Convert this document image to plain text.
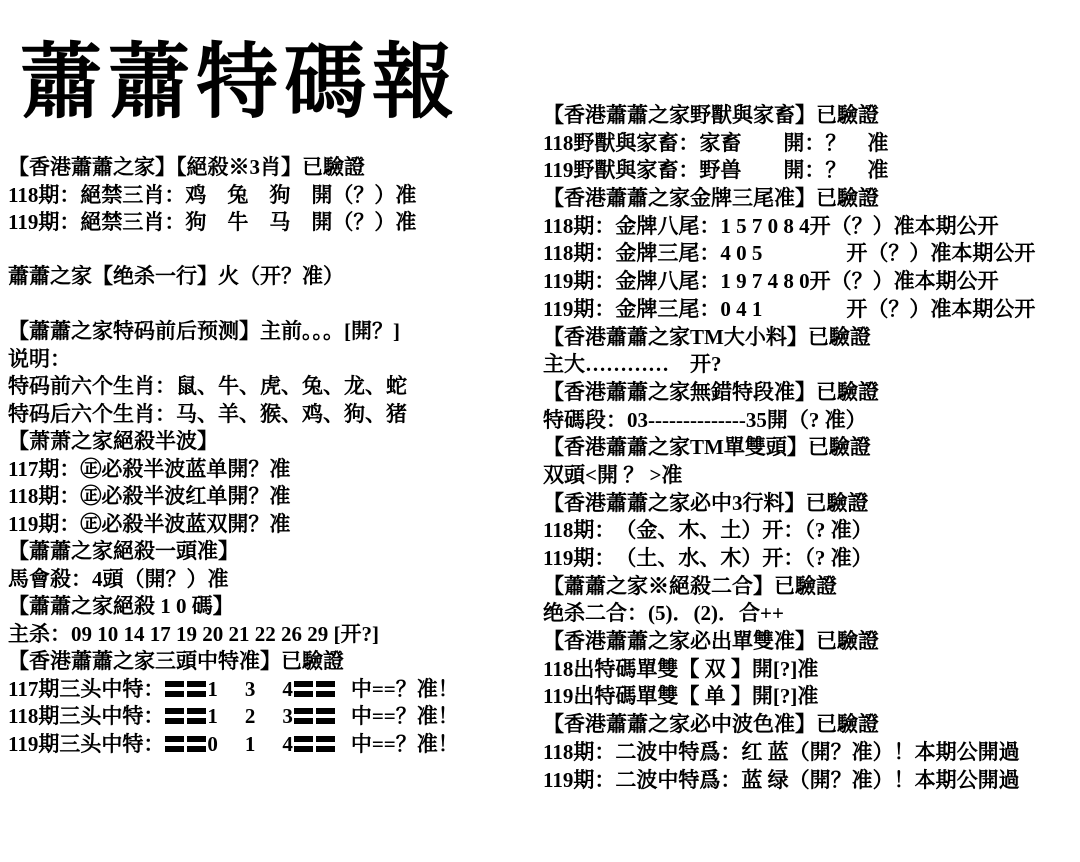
蕭蕭特碼報
【香港蕭蕭之家】【絕殺※3肖】已驗證
118期：絕禁三肖：鸡　兔　狗　開（？）准
119期：絕禁三肖：狗　牛　马　開（？）准
蕭蕭之家【绝杀一行】火（开？准）
【蕭蕭之家特码前后预测】主前。。。[開？]
说明：
特码前六个生肖：鼠、牛、虎、兔、龙、蛇
特码后六个生肖：马、羊、猴、鸡、狗、猪
【萧萧之家絕殺半波】
117期：㊣必殺半波蓝单開？准
118期：㊣必殺半波红单開？准
119期：㊣必殺半波蓝双開？准
【蕭蕭之家絕殺一頭准】
馬會殺：4頭（開？）准
【蕭蕭之家絕殺 1 0 碼】
主杀：09 10 14 17 19 20 21 22 26 29 [开?]
【香港蕭蕭之家三頭中特准】已驗證
117期三头中特： 1 3 4	中==？准！
118期三头中特： 1 2 3	中==？准！
119期三头中特： 0 1 4	中==？准！
【香港蕭蕭之家野獸與家畜】已驗證
118野獸與家畜：家畜　　開：？　准
119野獸與家畜：野兽　　開：？　准
【香港蕭蕭之家金牌三尾准】已驗證
118期：金牌八尾：1 5 7 0 8 4开（？）准本期公开
118期：金牌三尾：4 0 5　　　　开（？）准本期公开
119期：金牌八尾：1 9 7 4 8 0开（？）准本期公开
119期：金牌三尾：0 4 1　　　　开（？）准本期公开
【香港蕭蕭之家TM大小料】已驗證
主大…………　开?
【香港蕭蕭之家無錯特段准】已驗證
特碼段：03--------------35開（? 准）
【香港蕭蕭之家TM單雙頭】已驗證
双頭<開 ？ >准
【香港蕭蕭之家必中3行料】已驗證
118期：　（金、木、土）开：（? 准）
119期：　（土、水、木）开：（? 准）
【蕭蕭之家※絕殺二合】已驗證
绝杀二合：(5)．(2)．合++
【香港蕭蕭之家必出單雙准】已驗證
118出特碼單雙【 双 】開[?]准
119出特碼單雙【 单 】開[?]准
【香港蕭蕭之家必中波色准】已驗證
118期：二波中特爲：红 蓝（開？准）！本期公開過
119期：二波中特爲：蓝 绿（開？准）！本期公開過
